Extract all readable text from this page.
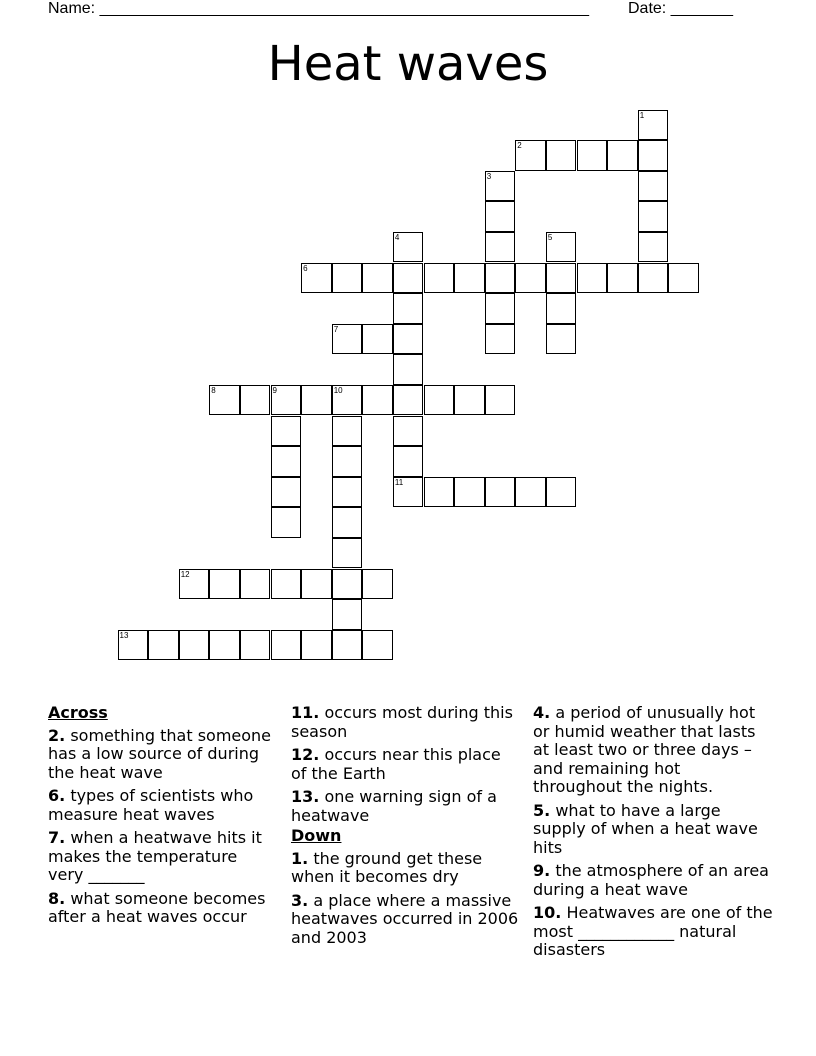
Name: _______________________________________________________ Date: _______
Heat waves
1
2
3
4
11
5
6
7
8	9	10
12
13
Across
2. something that someone has a low source of during the heat wave
6. types of scientists who measure heat waves
7. when a heatwave hits it makes the temperature very _______
8. what someone becomes after a heat waves occur
11. occurs most during this season
12. occurs near this place of the Earth
13. one warning sign of a heatwave
Down
1. the ground get these when it becomes dry
3. a place where a massive heatwaves occurred in 2006 and 2003
4. a period of unusually hot or humid weather that lasts at least two or three days – and remaining hot throughout the nights.
5. what to have a large supply of when a heat wave hits
9. the atmosphere of an area during a heat wave
10. Heatwaves are one of the most ____________ natural disasters
